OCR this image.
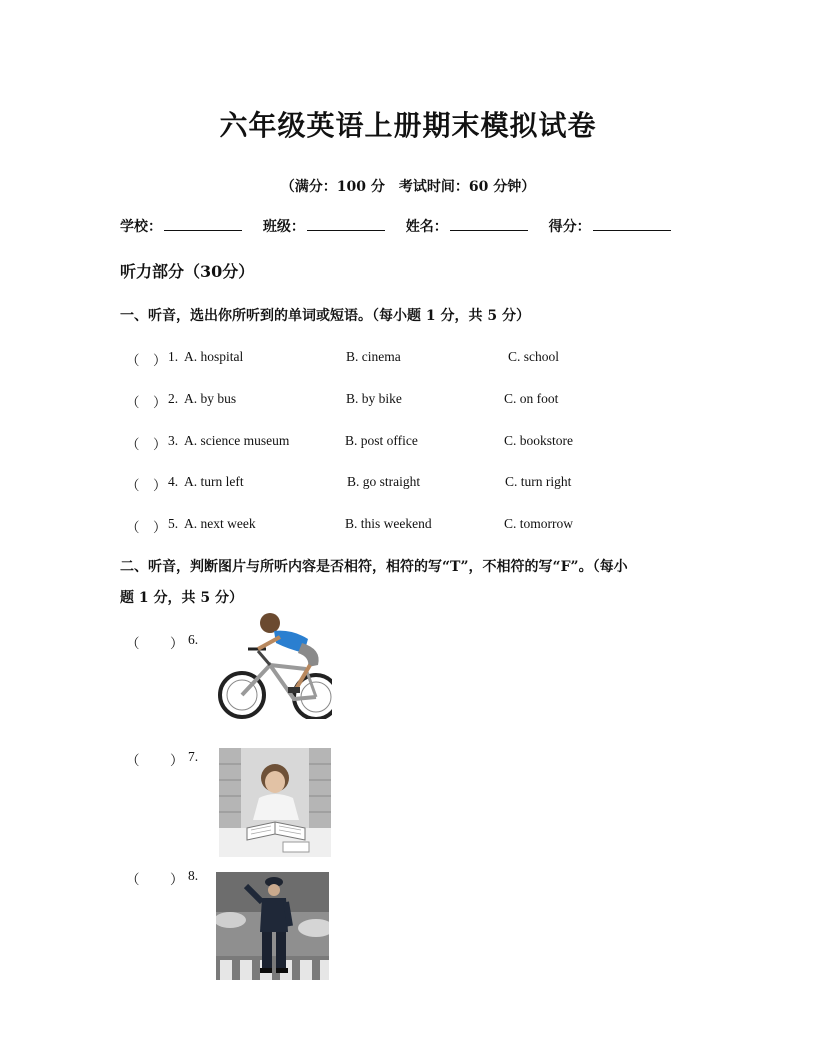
六年级英语上册期末模拟试卷
（满分：100 分　考试时间：60 分钟）
学校：	班级：	姓名：	得分：
听力部分（30分）
一、听音，选出你所听到的单词或短语。（每小题 1 分，共 5 分）
（　） 1. A. hospital	B. cinema	C. school
（　） 2. A. by bus	B. by bike	C. on foot
（　） 3. A. science museum	B. post office	C. bookstore
（　） 4. A. turn left	B. go straight	C. turn right
（　） 5. A. next week	B. this weekend	C. tomorrow
二、听音，判断图片与所听内容是否相符，相符的写“T”，不相符的写“F”。（每小
题 1 分，共 5 分）
（ ） 6.
（ ） 7.
（ ） 8.
